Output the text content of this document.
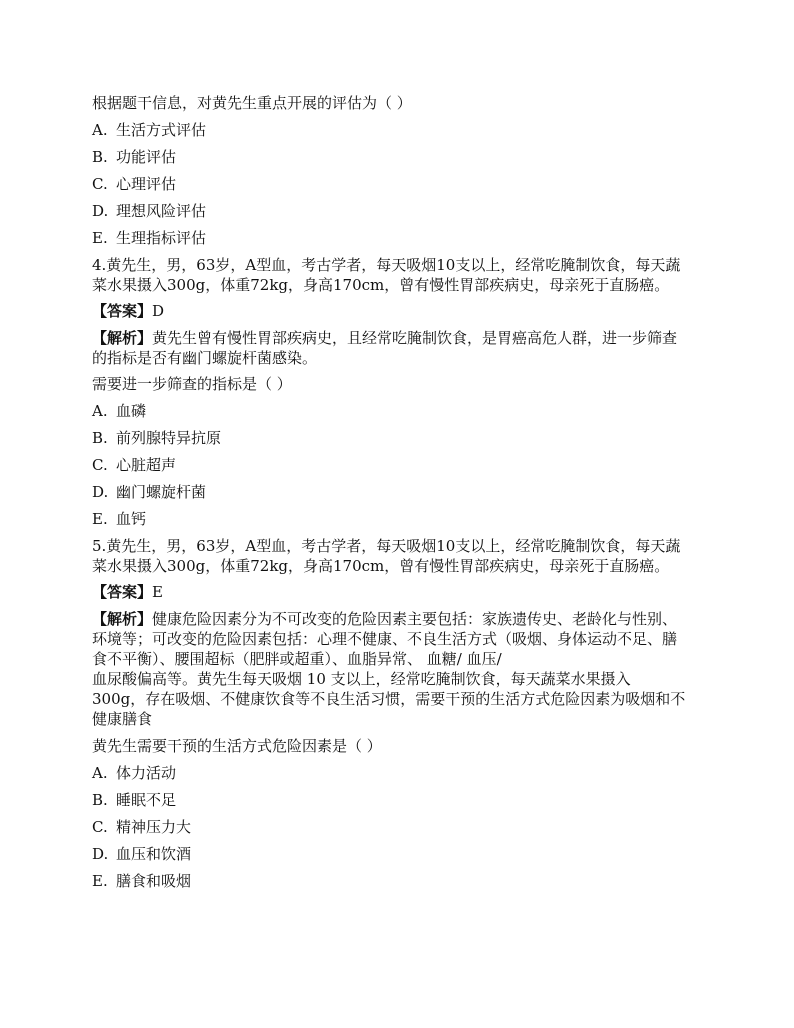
根据题干信息，对黄先生重点开展的评估为（ ）
A. 生活方式评估
B. 功能评估
C. 心理评估
D. 理想风险评估
E. 生理指标评估
4.黄先生，男，63岁，A型血，考古学者，每天吸烟10支以上，经常吃腌制饮食，每天蔬
菜水果摄入300g，体重72kg，身高170cm，曾有慢性胃部疾病史，母亲死于直肠癌。
【答案】D
【解析】黄先生曾有慢性胃部疾病史，且经常吃腌制饮食，是胃癌高危人群，进一步筛查
的指标是否有幽门螺旋杆菌感染。
需要进一步筛查的指标是（ ）
A. 血磷
B. 前列腺特异抗原
C. 心脏超声
D. 幽门螺旋杆菌
E. 血钙
5.黄先生，男，63岁，A型血，考古学者，每天吸烟10支以上，经常吃腌制饮食，每天蔬
菜水果摄入300g，体重72kg，身高170cm，曾有慢性胃部疾病史，母亲死于直肠癌。
【答案】E
【解析】健康危险因素分为不可改变的危险因素主要包括：家族遗传史、老龄化与性别、
环境等；可改变的危险因素包括：心理不健康、不良生活方式（吸烟、身体运动不足、膳
食不平衡）、腰围超标（肥胖或超重）、血脂异常、 血糖/ 血压/
血尿酸偏高等。黄先生每天吸烟 10 支以上，经常吃腌制饮食，每天蔬菜水果摄入
300g，存在吸烟、不健康饮食等不良生活习惯，需要干预的生活方式危险因素为吸烟和不
健康膳食
黄先生需要干预的生活方式危险因素是（ ）
A. 体力活动
B. 睡眠不足
C. 精神压力大
D. 血压和饮酒
E. 膳食和吸烟
